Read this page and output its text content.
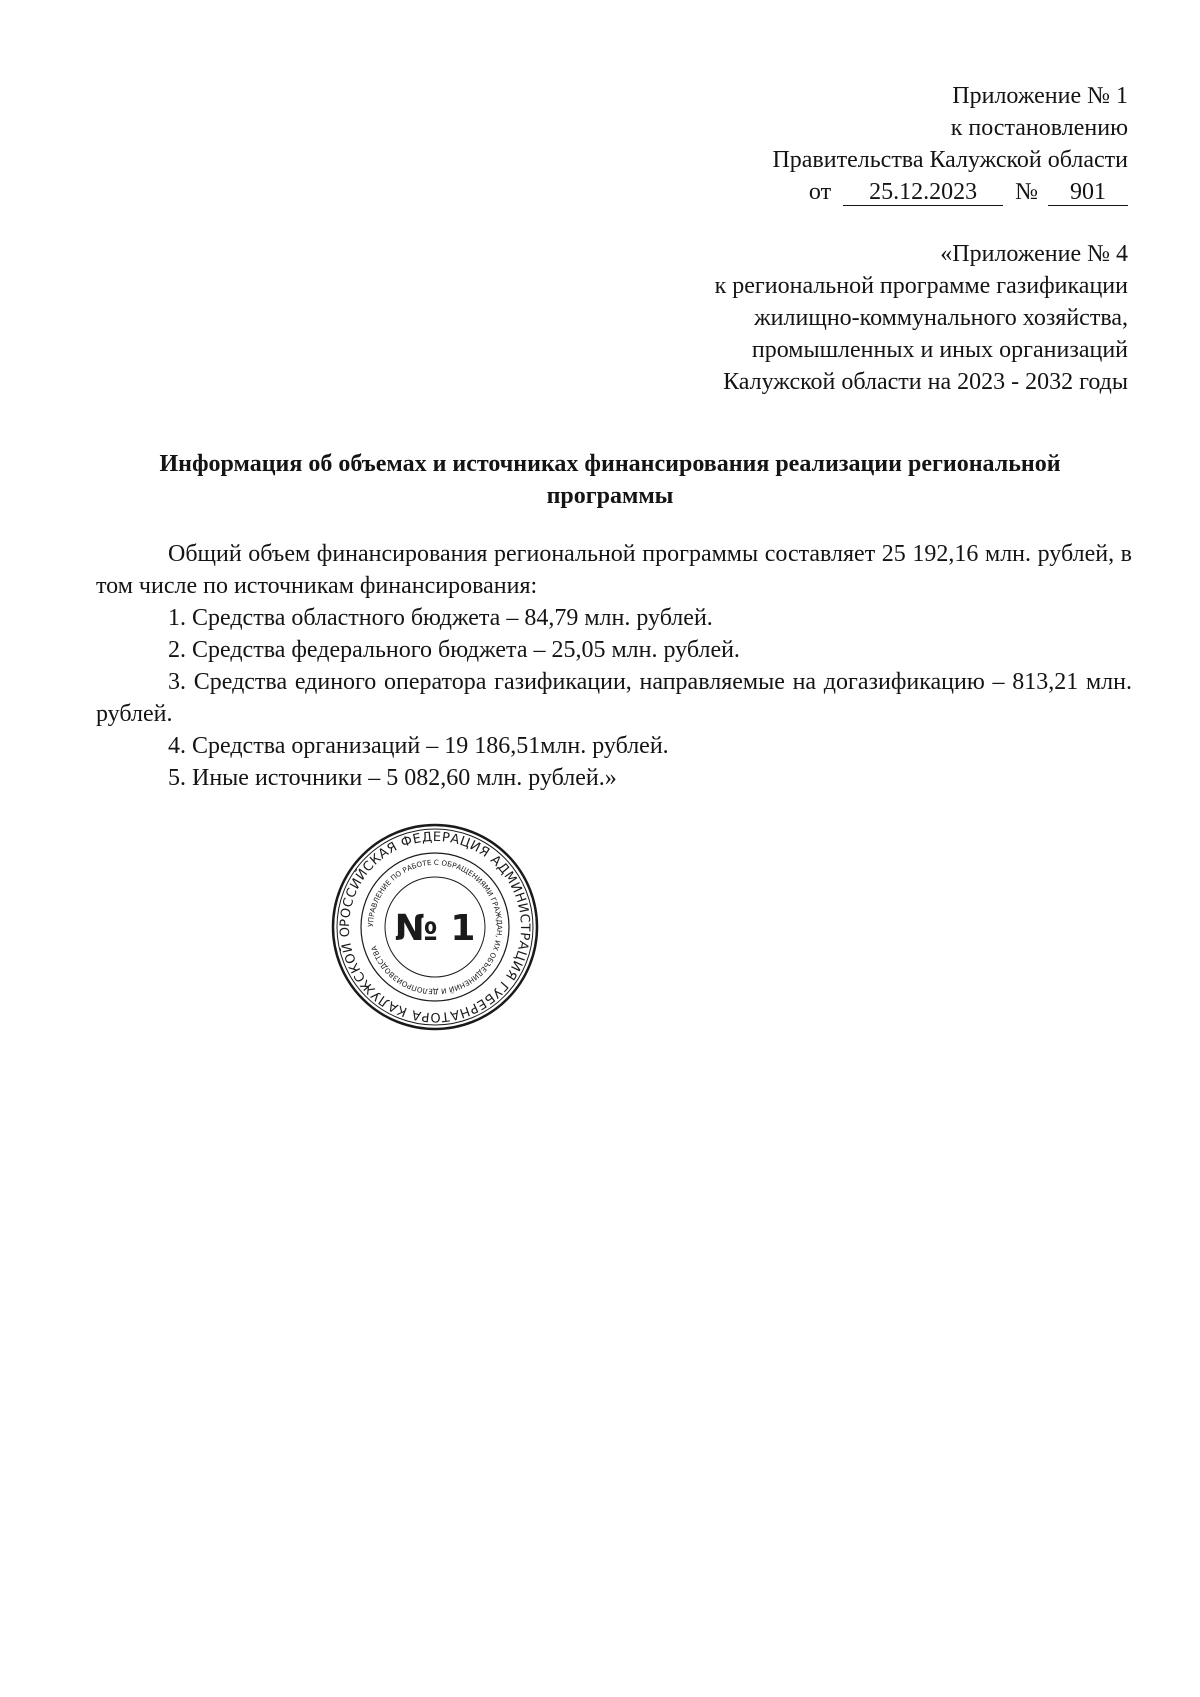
Приложение № 1
к постановлению
Правительства Калужской области
от 25.12.2023 № 901
«Приложение № 4
к региональной программе газификации
жилищно-коммунального хозяйства,
промышленных и иных организаций
Калужской области на 2023 - 2032 годы
Информация об объемах и источниках финансирования реализации региональной
программы

Общий объем финансирования региональной программы составляет 25 192,16 млн. рублей, в том числе по источникам финансирования:

1. Средства областного бюджета – 84,79 млн. рублей.

2. Средства федерального бюджета – 25,05 млн. рублей.

3. Средства единого оператора газификации, направляемые на догазификацию – 813,21 млн. рублей.

4. Средства организаций – 19 186,51млн. рублей.

5. Иные источники – 5 082,60 млн. рублей.»

РОССИЙСКАЯ ФЕДЕРАЦИЯ АДМИНИСТРАЦИЯ ГУБЕРНАТОРА КАЛУЖСКОЙ О
УПРАВЛЕНИЕ ПО РАБОТЕ С ОБРАЩЕНИЯМИ ГРАЖДАН, ИХ ОБЪЕДИНЕНИЙ И ДЕЛОПРОИЗВОДСТВА № 1
